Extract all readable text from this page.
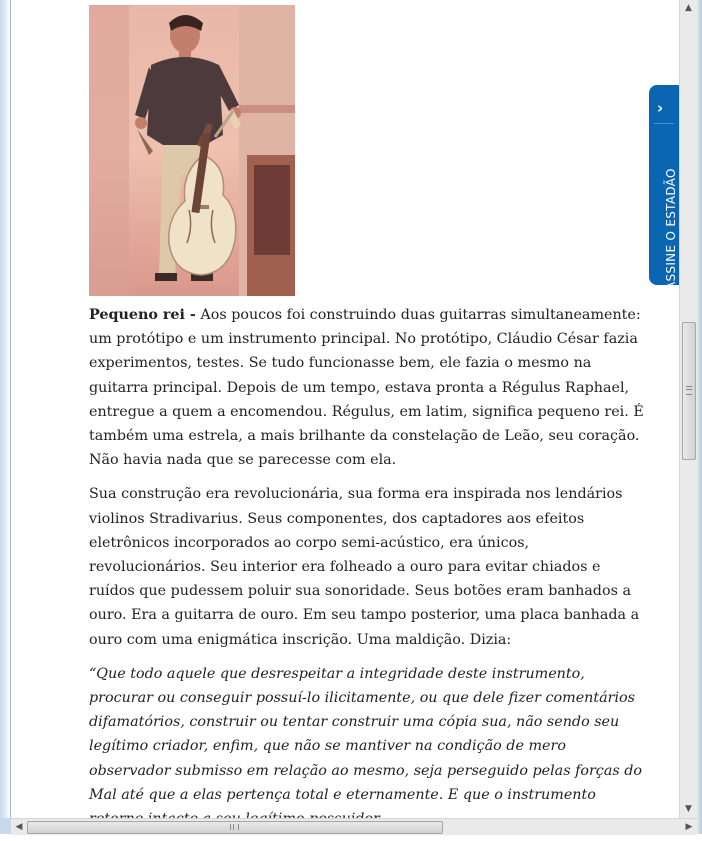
Pequeno rei - Aos poucos foi construindo duas guitarras simultaneamente: um protótipo e um instrumento principal. No protótipo, Cláudio César fazia experimentos, testes. Se tudo funcionasse bem, ele fazia o mesmo na guitarra principal. Depois de um tempo, estava pronta a Régulus Raphael, entregue a quem a encomendou. Régulus, em latim, significa pequeno rei. É também uma estrela, a mais brilhante da constelação de Leão, seu coração. Não havia nada que se parecesse com ela.

Sua construção era revolucionária, sua forma era inspirada nos lendários violinos Stradivarius. Seus componentes, dos captadores aos efeitos eletrônicos incorporados ao corpo semi-acústico, era únicos, revolucionários. Seu interior era folheado a ouro para evitar chiados e ruídos que pudessem poluir sua sonoridade. Seus botões eram banhados a ouro. Era a guitarra de ouro. Em seu tampo posterior, uma placa banhada a ouro com uma enigmática inscrição. Uma maldição. Dizia:

“Que todo aquele que desrespeitar a integridade deste instrumento, procurar ou conseguir possuí-lo ilicitamente, ou que dele fizer comentários difamatórios, construir ou tentar construir uma cópia sua, não sendo seu legítimo criador, enfim, que não se mantiver na condição de mero observador submisso em relação ao mesmo, seja perseguido pelas forças do Mal até que a elas pertença total e eternamente. E que o instrumento

›
ASSINE O ESTADÃO
▲
▼
◀	▶
